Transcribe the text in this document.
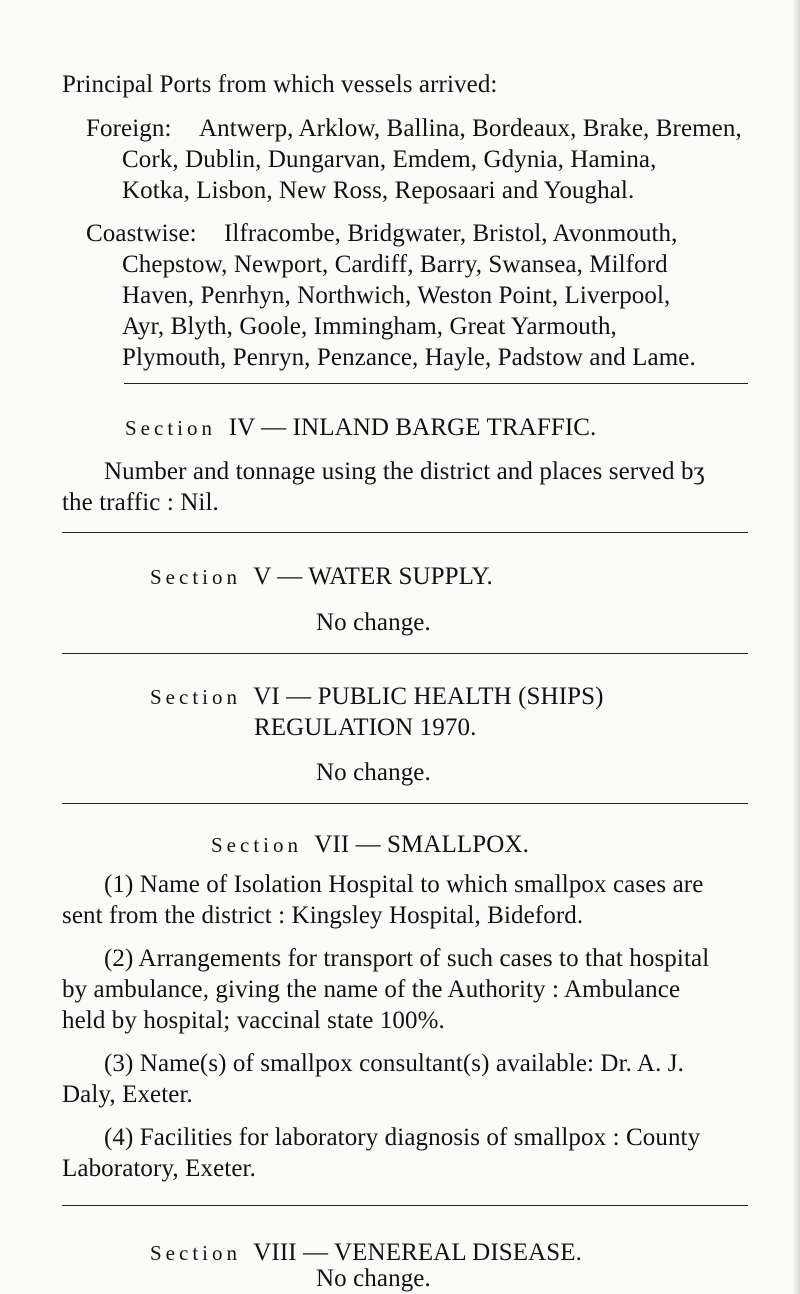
Principal Ports from which vessels arrived:
Foreign: Antwerp, Arklow, Ballina, Bordeaux, Brake, Bremen,
Cork, Dublin, Dungarvan, Emdem, Gdynia, Hamina,
Kotka, Lisbon, New Ross, Reposaari and Youghal.
Coastwise: Ilfracombe, Bridgwater, Bristol, Avonmouth,
Chepstow, Newport, Cardiff, Barry, Swansea, Milford
Haven, Penrhyn, Northwich, Weston Point, Liverpool,
Ayr, Blyth, Goole, Immingham, Great Yarmouth,
Plymouth, Penryn, Penzance, Hayle, Padstow and Lame.
Section IV — INLAND BARGE TRAFFIC.
Number and tonnage using the district and places served bʒ
the traffic : Nil.
Section V — WATER SUPPLY.
No change.
Section VI — PUBLIC HEALTH (SHIPS)
REGULATION 1970.
No change.
Section VII — SMALLPOX.
(1) Name of Isolation Hospital to which smallpox cases are
sent from the district : Kingsley Hospital, Bideford.
(2) Arrangements for transport of such cases to that hospital
by ambulance, giving the name of the Authority : Ambulance
held by hospital; vaccinal state 100%.
(3) Name(s) of smallpox consultant(s) available: Dr. A. J.
Daly, Exeter.
(4) Facilities for laboratory diagnosis of smallpox : County
Laboratory, Exeter.
Section VIII — VENEREAL DISEASE.
No change.
